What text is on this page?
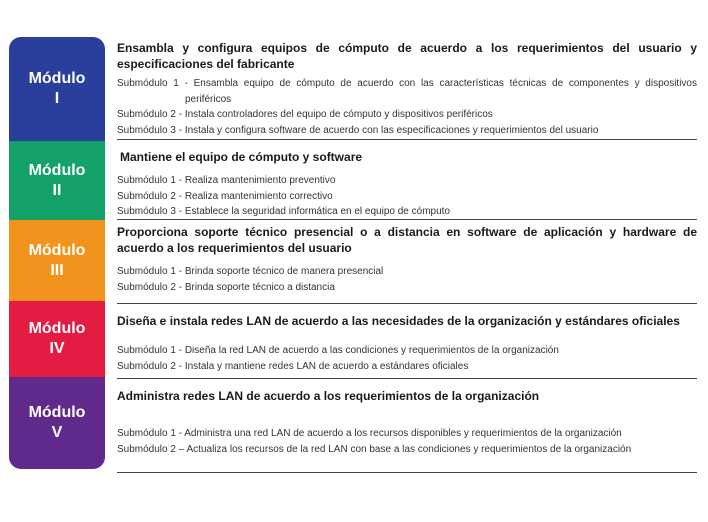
Módulo
I
Módulo
II
Módulo
III
Módulo
IV
Módulo
V
Ensambla y configura equipos de cómputo de acuerdo a los requerimientos del usuario y especificaciones del fabricante
Submódulo 1 - Ensambla equipo de cómputo de acuerdo con las características técnicas de componentes y dispositivos
periféricos
Submódulo 2 - Instala controladores del equipo de cómputo y dispositivos periféricos
Submódulo 3 - Instala y configura software de acuerdo con las especificaciones y requerimientos del usuario
Mantiene el equipo de cómputo y software
Submódulo 1 - Realiza mantenimiento preventivo
Submódulo 2 - Realiza mantenimiento correctivo
Submódulo 3 - Establece la seguridad informática en el equipo de cómputo
Proporciona soporte técnico presencial o a distancia en software de aplicación y hardware de acuerdo a los requerimientos del usuario
Submódulo 1 - Brinda soporte técnico de manera presencial
Submódulo 2 - Brinda soporte técnico a distancia
Diseña e instala redes LAN de acuerdo a las necesidades de la organización y estándares oficiales
Submódulo 1 - Diseña la red LAN de acuerdo a las condiciones y requerimientos de la organización
Submódulo 2 - Instala y mantiene redes LAN de acuerdo a estándares oficiales
Administra redes LAN de acuerdo a los requerimientos de la organización
Submódulo 1 - Administra una red LAN de acuerdo a los recursos disponibles y requerimientos de la organización
Submódulo 2 – Actualiza los recursos de la red LAN con base a las condiciones y requerimientos de la organización
